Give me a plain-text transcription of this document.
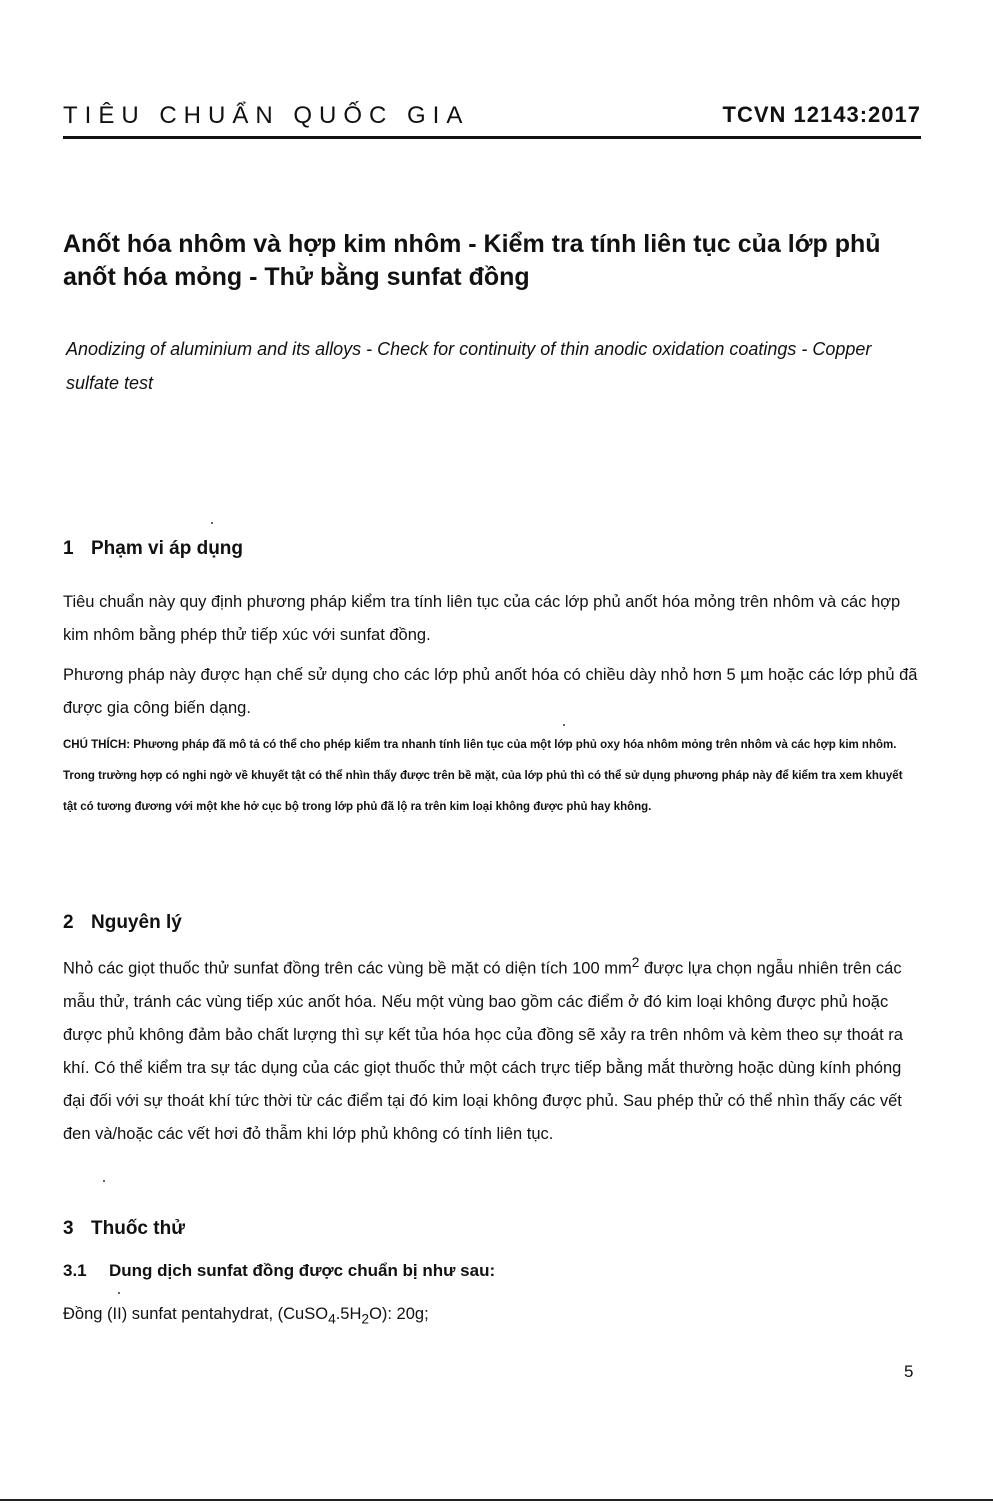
TIÊU CHUẨN QUỐC GIA	TCVN 12143:2017
Anốt hóa nhôm và hợp kim nhôm - Kiểm tra tính liên tục của lớp phủ anốt hóa mỏng - Thử bằng sunfat đồng
Anodizing of aluminium and its alloys - Check for continuity of thin anodic oxidation coatings - Copper sulfate test
1 Phạm vi áp dụng
Tiêu chuẩn này quy định phương pháp kiểm tra tính liên tục của các lớp phủ anốt hóa mỏng trên nhôm và các hợp kim nhôm bằng phép thử tiếp xúc với sunfat đồng.
Phương pháp này được hạn chế sử dụng cho các lớp phủ anốt hóa có chiều dày nhỏ hơn 5 µm hoặc các lớp phủ đã được gia công biến dạng.
CHÚ THÍCH: Phương pháp đã mô tả có thể cho phép kiểm tra nhanh tính liên tục của một lớp phủ oxy hóa nhôm mỏng trên nhôm và các hợp kim nhôm. Trong trường hợp có nghi ngờ về khuyết tật có thể nhìn thấy được trên bề mặt, của lớp phủ thì có thể sử dụng phương pháp này để kiểm tra xem khuyết tật có tương đương với một khe hở cục bộ trong lớp phủ đã lộ ra trên kim loại không được phủ hay không.
2 Nguyên lý
Nhỏ các giọt thuốc thử sunfat đồng trên các vùng bề mặt có diện tích 100 $mm^2$ được lựa chọn ngẫu nhiên trên các mẫu thử, tránh các vùng tiếp xúc anốt hóa. Nếu một vùng bao gồm các điểm ở đó kim loại không được phủ hoặc được phủ không đảm bảo chất lượng thì sự kết tủa hóa học của đồng sẽ xảy ra trên nhôm và kèm theo sự thoát ra khí. Có thể kiểm tra sự tác dụng của các giọt thuốc thử một cách trực tiếp bằng mắt thường hoặc dùng kính phóng đại đối với sự thoát khí tức thời từ các điểm tại đó kim loại không được phủ. Sau phép thử có thể nhìn thấy các vết đen và/hoặc các vết hơi đỏ thẫm khi lớp phủ không có tính liên tục.
3 Thuốc thử
3.1 Dung dịch sunfat đồng được chuẩn bị như sau:
Đồng (II) sunfat pentahydrat, $(CuSO_4.5H_2O)$: 20g;
5
